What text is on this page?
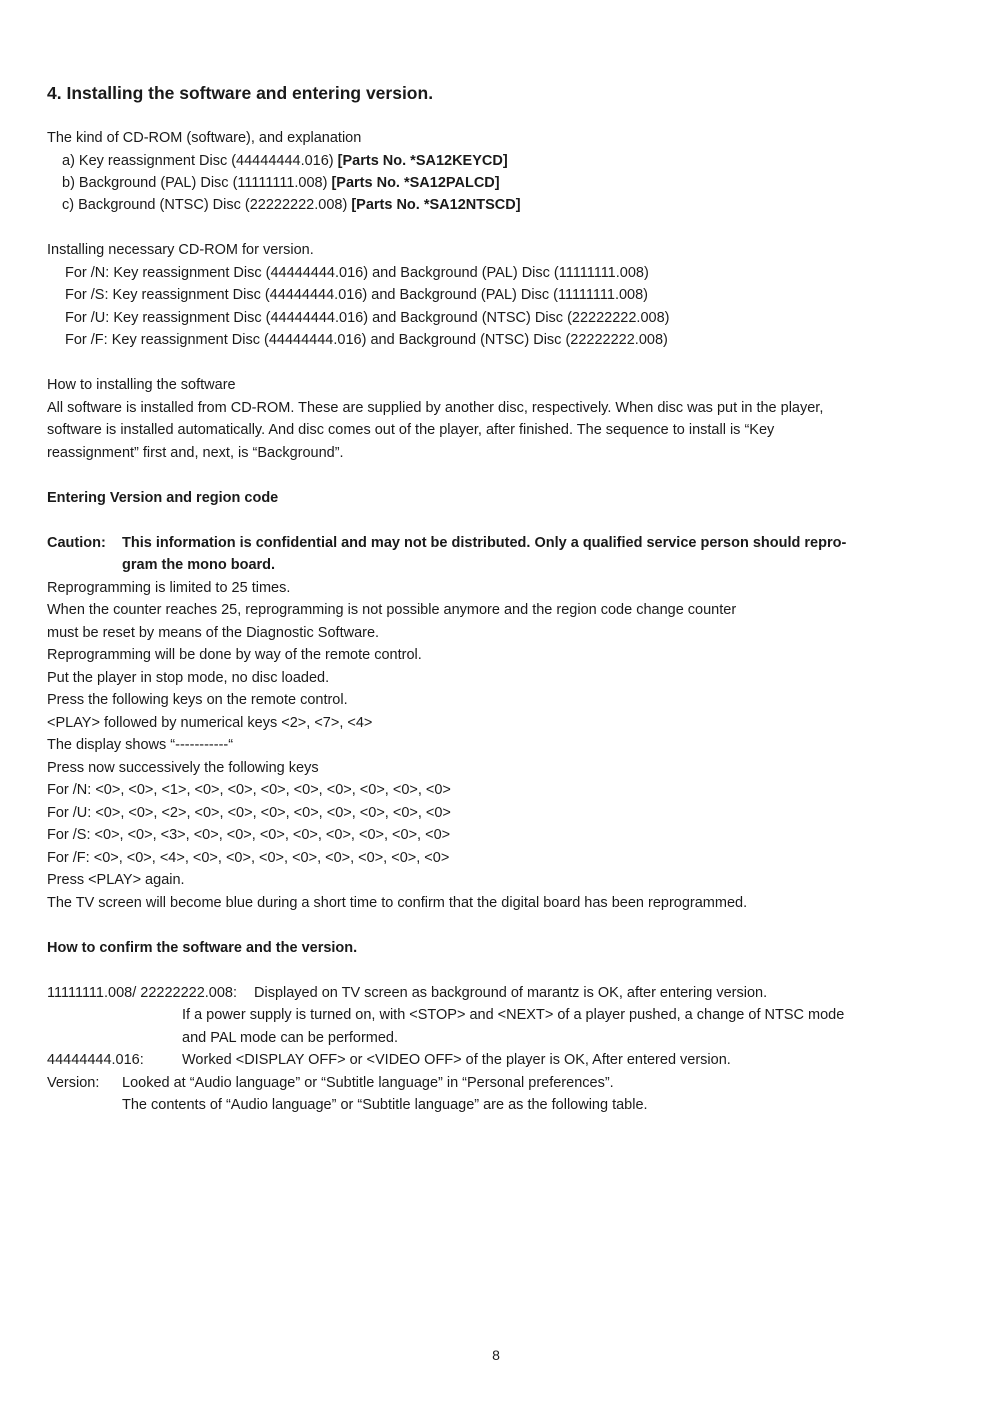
4. Installing the software and entering version.
The kind of CD-ROM (software), and explanation
a) Key reassignment Disc (44444444.016) [Parts No. *SA12KEYCD]
b) Background (PAL) Disc (11111111.008) [Parts No. *SA12PALCD]
c) Background (NTSC) Disc (22222222.008) [Parts No. *SA12NTSCD]
Installing necessary CD-ROM for version.
For /N: Key reassignment Disc (44444444.016) and Background (PAL) Disc (11111111.008)
For /S: Key reassignment Disc (44444444.016) and Background (PAL) Disc (11111111.008)
For /U: Key reassignment Disc (44444444.016) and Background (NTSC) Disc (22222222.008)
For /F: Key reassignment Disc (44444444.016) and Background (NTSC) Disc (22222222.008)
How to installing the software
All software is installed from CD-ROM. These are supplied by another disc, respectively. When disc was put in the player,
software is installed automatically. And disc comes out of the player, after finished. The sequence to install is “Key
reassignment” first and, next, is “Background”.
Entering Version and region code
Caution: This information is confidential and may not be distributed. Only a qualified service person should repro-
gram the mono board.
Reprogramming is limited to 25 times.
When the counter reaches 25, reprogramming is not possible anymore and the region code change counter
must be reset by means of the Diagnostic Software.
Reprogramming will be done by way of the remote control.
Put the player in stop mode, no disc loaded.
Press the following keys on the remote control.
<PLAY> followed by numerical keys <2>, <7>, <4>
The display shows “-----------“
Press now successively the following keys
For /N: <0>, <0>, <1>, <0>, <0>, <0>, <0>, <0>, <0>, <0>, <0>
For /U: <0>, <0>, <2>, <0>, <0>, <0>, <0>, <0>, <0>, <0>, <0>
For /S: <0>, <0>, <3>, <0>, <0>, <0>, <0>, <0>, <0>, <0>, <0>
For /F: <0>, <0>, <4>, <0>, <0>, <0>, <0>, <0>, <0>, <0>, <0>
Press <PLAY> again.
The TV screen will become blue during a short time to confirm that the digital board has been reprogrammed.
How to confirm the software and the version.
11111111.008/ 22222222.008: Displayed on TV screen as background of marantz is OK, after entering version.
If a power supply is turned on, with <STOP> and <NEXT> of a player pushed, a change of NTSC mode
and PAL mode can be performed.
44444444.016:	Worked <DISPLAY OFF> or <VIDEO OFF> of the player is OK, After entered version.
Version: Looked at “Audio language” or “Subtitle language” in “Personal preferences”.
The contents of “Audio language” or “Subtitle language” are as the following table.
8
